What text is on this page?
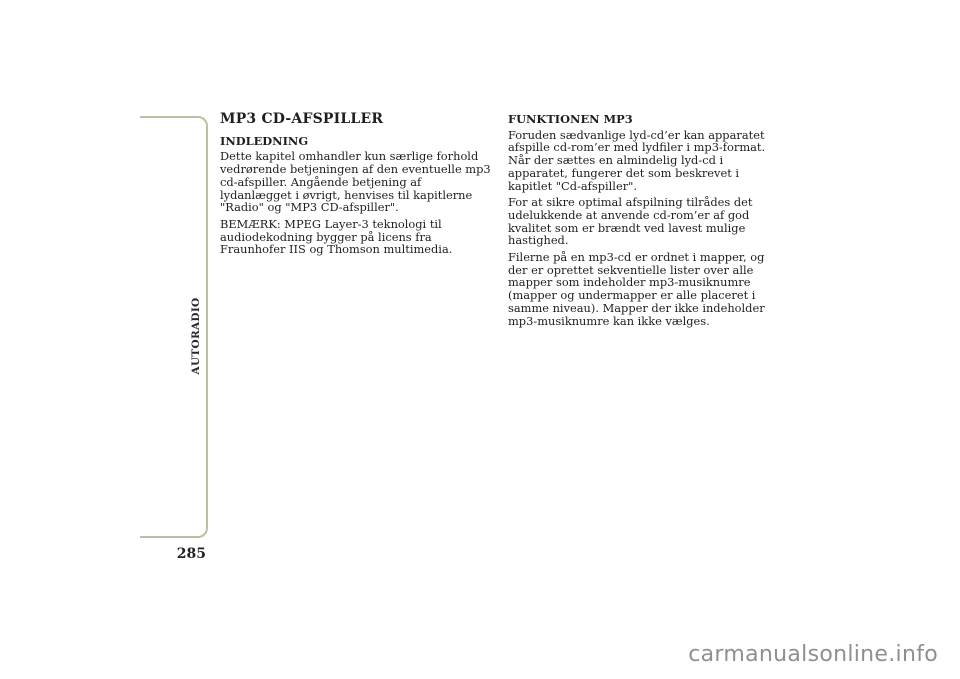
AUTORADIO
285
MP3 CD-AFSPILLER
INDLEDNING

Dette kapitel omhandler kun særlige forhold vedrørende betjeningen af den eventuelle mp3 cd-afspiller. Angående betjening af lydanlægget i øvrigt, henvises til kapitlerne "Radio" og "MP3 CD-afspiller".

BEMÆRK: MPEG Layer-3 teknologi til audiodekodning bygger på licens fra Fraunhofer IIS og Thomson multimedia.

FUNKTIONEN MP3

Foruden sædvanlige lyd-cd’er kan apparatet afspille cd-rom’er med lydfiler i mp3-format. Når der sættes en almindelig lyd-cd i apparatet, fungerer det som beskrevet i kapitlet "Cd-afspiller".

For at sikre optimal afspilning tilrådes det udelukkende at anvende cd-rom’er af god kvalitet som er brændt ved lavest mulige hastighed.

Filerne på en mp3-cd er ordnet i mapper, og der er oprettet sekventielle lister over alle mapper som indeholder mp3-musiknumre (mapper og undermapper er alle placeret i samme niveau). Mapper der ikke indeholder mp3-musiknumre kan ikke vælges.

carmanualsonline.info
